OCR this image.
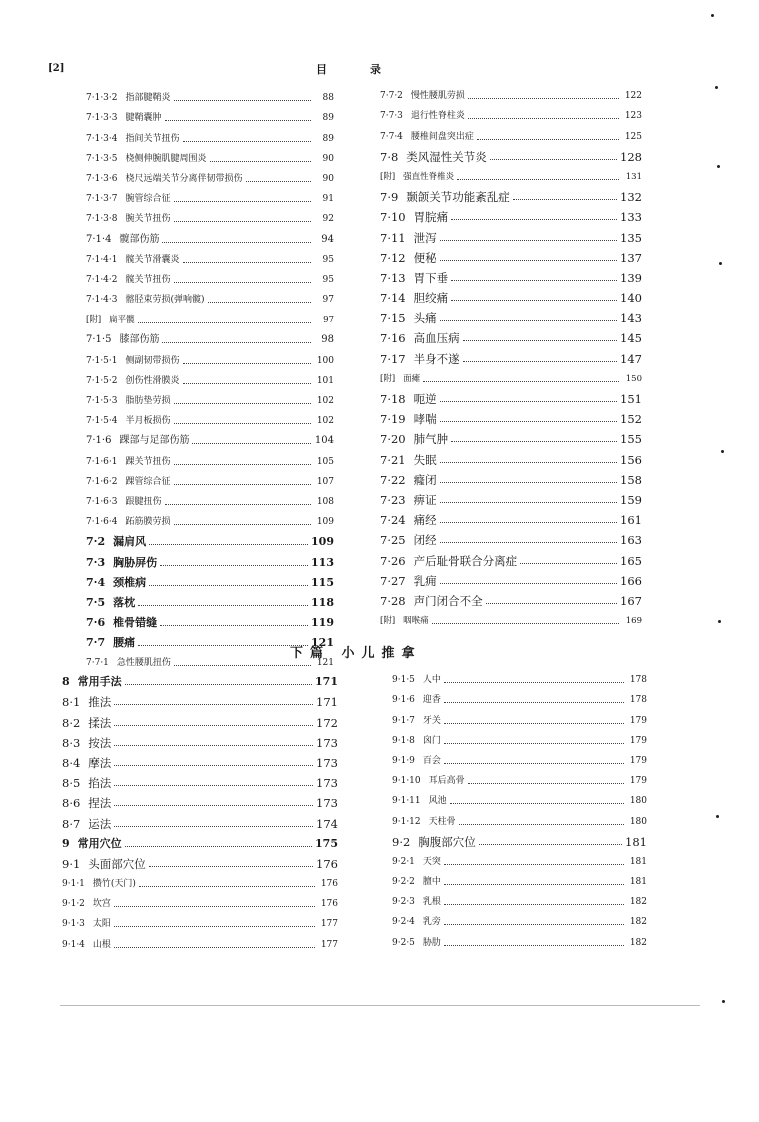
[2]	目	录
7·1·3·2 指部腱鞘炎	88
7·1·3·3 腱鞘囊肿	89
7·1·3·4 指间关节扭伤	89
7·1·3·5 桡侧伸腕肌腱周围炎	90
7·1·3·6 桡尺远端关节分离伴韧带损伤	90
7·1·3·7 腕管综合征	91
7·1·3·8 腕关节扭伤	92
7·1·4 髋部伤筋	94
7·1·4·1 髋关节滑囊炎	95
7·1·4·2 髋关节扭伤	95
7·1·4·3 髂胫束劳损(弹响髋)	97
[附] 扁平髋	97
7·1·5 膝部伤筋	98
7·1·5·1 侧副韧带损伤	100
7·1·5·2 创伤性滑膜炎	101
7·1·5·3 脂肪垫劳损	102
7·1·5·4 半月板损伤	102
7·1·6 踝部与足部伤筋	104
7·1·6·1 踝关节扭伤	105
7·1·6·2 踝管综合征	107
7·1·6·3 跟腱扭伤	108
7·1·6·4 跖筋膜劳损	109
7·2 漏肩风	109
7·3 胸胁屏伤	113
7·4 颈椎病	115
7·5 落枕	118
7·6 椎骨错缝	119
7·7 腰痛	121
7·7·1 急性腰肌扭伤	121
7·7·2 慢性腰肌劳损	122
7·7·3 退行性脊柱炎	123
7·7·4 腰椎间盘突出症	125
7·8 类风湿性关节炎	128
[附] 强直性脊椎炎	131
7·9 颞颌关节功能紊乱症	132
7·10 胃脘痛	133
7·11 泄泻	135
7·12 便秘	137
7·13 胃下垂	139
7·14 胆绞痛	140
7·15 头痛	143
7·16 高血压病	145
7·17 半身不遂	147
[附] 面瘫	150
7·18 呃逆	151
7·19 哮喘	152
7·20 肺气肿	155
7·21 失眠	156
7·22 癃闭	158
7·23 痹证	159
7·24 痛经	161
7·25 闭经	163
7·26 产后耻骨联合分离症	165
7·27 乳痈	166
7·28 声门闭合不全	167
[附] 咽喉痛	169
下篇 小儿推拿
8 常用手法	171
8·1 推法	171
8·2 揉法	172
8·3 按法	173
8·4 摩法	173
8·5 掐法	173
8·6 捏法	173
8·7 运法	174
9 常用穴位	175
9·1 头面部穴位	176
9·1·1 攒竹(天门)	176
9·1·2 坎宫	176
9·1·3 太阳	177
9·1·4 山根	177
9·1·5 人中	178
9·1·6 迎香	178
9·1·7 牙关	179
9·1·8 囟门	179
9·1·9 百会	179
9·1·10 耳后高骨	179
9·1·11 风池	180
9·1·12 天柱骨	180
9·2 胸腹部穴位	181
9·2·1 天突	181
9·2·2 膻中	181
9·2·3 乳根	182
9·2·4 乳旁	182
9·2·5 胁肋	182
